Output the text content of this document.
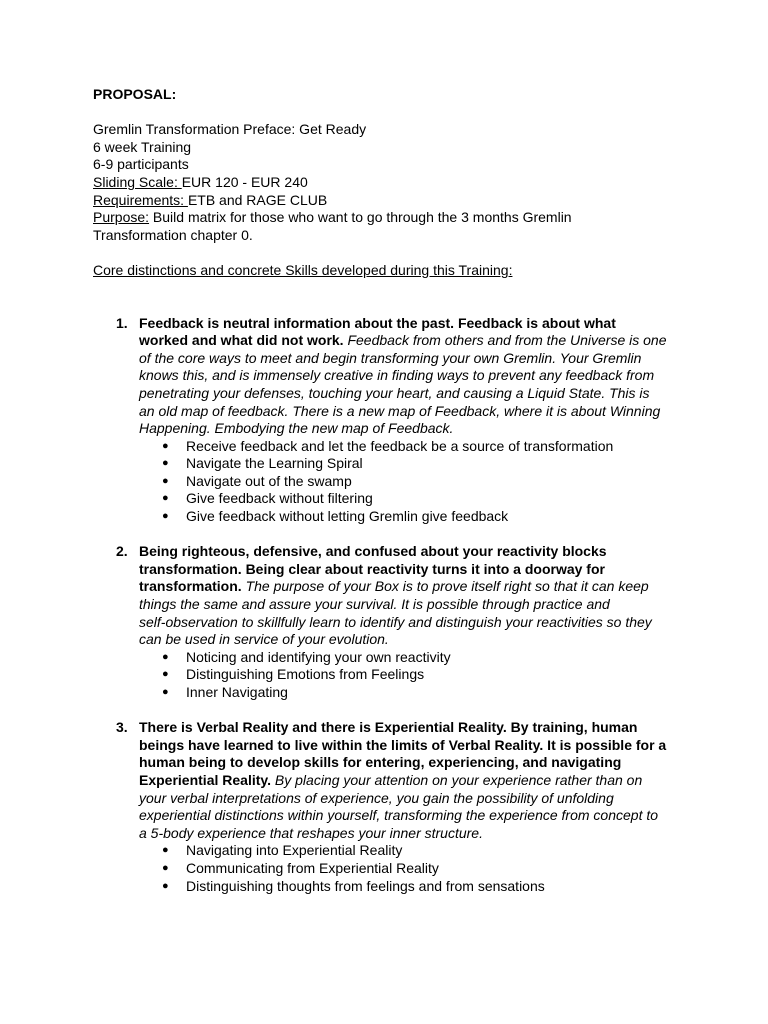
PROPOSAL:
Gremlin Transformation Preface: Get Ready
6 week Training
6-9 participants
Sliding Scale: EUR 120 - EUR 240
Requirements: ETB and RAGE CLUB
Purpose: Build matrix for those who want to go through the 3 months Gremlin
Transformation chapter 0.
Core distinctions and concrete Skills developed during this Training:
1. Feedback is neutral information about the past. Feedback is about what
worked and what did not work. Feedback from others and from the Universe is one
of the core ways to meet and begin transforming your own Gremlin. Your Gremlin
knows this, and is immensely creative in finding ways to prevent any feedback from
penetrating your defenses, touching your heart, and causing a Liquid State. This is
an old map of feedback. There is a new map of Feedback, where it is about Winning
Happening. Embodying the new map of Feedback.
● Receive feedback and let the feedback be a source of transformation
● Navigate the Learning Spiral
● Navigate out of the swamp
● Give feedback without filtering
● Give feedback without letting Gremlin give feedback
2. Being righteous, defensive, and confused about your reactivity blocks
transformation. Being clear about reactivity turns it into a doorway for
transformation. The purpose of your Box is to prove itself right so that it can keep
things the same and assure your survival. It is possible through practice and
self-observation to skillfully learn to identify and distinguish your reactivities so they
can be used in service of your evolution.
● Noticing and identifying your own reactivity
● Distinguishing Emotions from Feelings
● Inner Navigating
3. There is Verbal Reality and there is Experiential Reality. By training, human
beings have learned to live within the limits of Verbal Reality. It is possible for a
human being to develop skills for entering, experiencing, and navigating
Experiential Reality. By placing your attention on your experience rather than on
your verbal interpretations of experience, you gain the possibility of unfolding
experiential distinctions within yourself, transforming the experience from concept to
a 5-body experience that reshapes your inner structure.
● Navigating into Experiential Reality
● Communicating from Experiential Reality
● Distinguishing thoughts from feelings and from sensations
